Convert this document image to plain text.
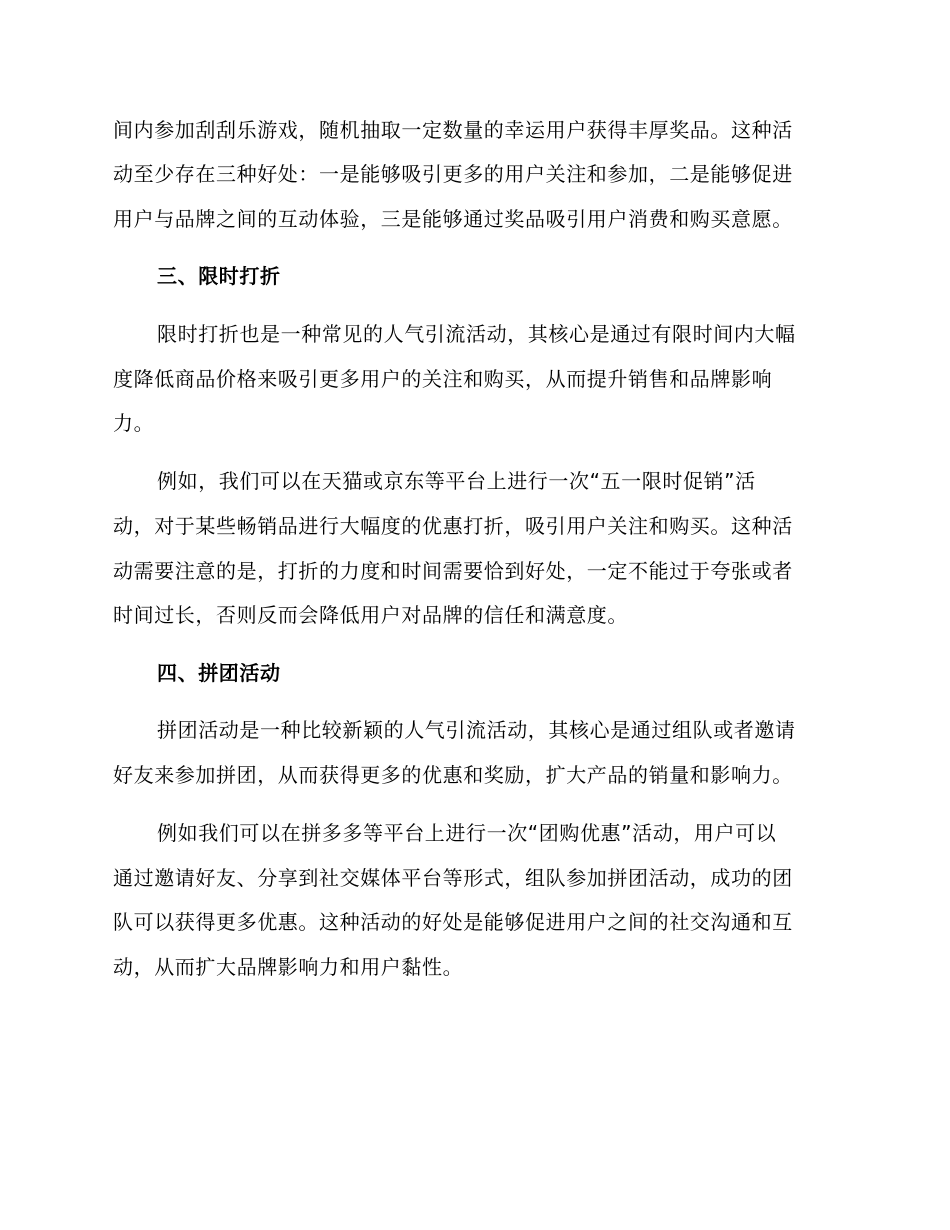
间内参加刮刮乐游戏，随机抽取一定数量的幸运用户获得丰厚奖品。这种活
动至少存在三种好处：一是能够吸引更多的用户关注和参加，二是能够促进
用户与品牌之间的互动体验，三是能够通过奖品吸引用户消费和购买意愿。
三、限时打折
限时打折也是一种常见的人气引流活动，其核心是通过有限时间内大幅
度降低商品价格来吸引更多用户的关注和购买，从而提升销售和品牌影响
力。
例如，我们可以在天猫或京东等平台上进行一次“五一限时促销”活
动，对于某些畅销品进行大幅度的优惠打折，吸引用户关注和购买。这种活
动需要注意的是，打折的力度和时间需要恰到好处，一定不能过于夸张或者
时间过长，否则反而会降低用户对品牌的信任和满意度。
四、拼团活动
拼团活动是一种比较新颖的人气引流活动，其核心是通过组队或者邀请
好友来参加拼团，从而获得更多的优惠和奖励，扩大产品的销量和影响力。
例如我们可以在拼多多等平台上进行一次“团购优惠”活动，用户可以
通过邀请好友、分享到社交媒体平台等形式，组队参加拼团活动，成功的团
队可以获得更多优惠。这种活动的好处是能够促进用户之间的社交沟通和互
动，从而扩大品牌影响力和用户黏性。
